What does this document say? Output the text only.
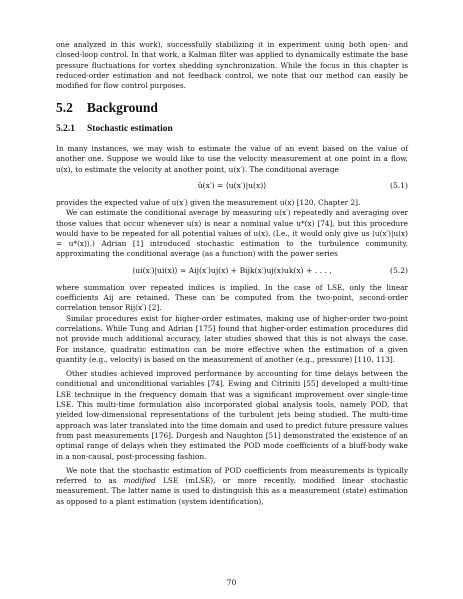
one analyzed in this work), successfully stabilizing it in experiment using both open- and closed-loop control. In that work, a Kalman filter was applied to dynamically estimate the base pressure fluctuations for vortex shedding synchronization. While the focus in this chapter is reduced-order estimation and not feedback control, we note that our method can easily be modified for flow control purposes.

5.2 Background
5.2.1 Stochastic estimation

In many instances, we may wish to estimate the value of an event based on the value of another one. Suppose we would like to use the velocity measurement at one point in a flow, u(x), to estimate the velocity at another point, u(x′). The conditional average

û(x′) = ⟨u(x′)|u(x)⟩	(5.1)

provides the expected value of u(x′) given the measurement u(x) [120, Chapter 2].

We can estimate the conditional average by measuring u(x′) repeatedly and averaging over those values that occur whenever u(x) is near a nominal value u*(x) [74], but this procedure would have to be repeated for all potential values of u(x). (I.e., it would only give us ⟨u(x′)|u(x) = u*(x)⟩.) Adrian [1] introduced stochastic estimation to the turbulence community, approximating the conditional average (as a function) with the power series

⟨ui(x′)|ui(x)⟩ ≈ Aij(x′)uj(x) + Bijk(x′)uj(x)uk(x) + . . . ,	(5.2)

where summation over repeated indices is implied. In the case of LSE, only the linear coefficients Aij are retained. These can be computed from the two-point, second-order correlation tensor Rij(x′) [2].

Similar procedures exist for higher-order estimates, making use of higher-order two-point correlations. While Tung and Adrian [175] found that higher-order estimation procedures did not provide much additional accuracy, later studies showed that this is not always the case. For instance, quadratic estimation can be more effective when the estimation of a given quantity (e.g., velocity) is based on the measurement of another (e.g., pressure) [110, 113].

Other studies achieved improved performance by accounting for time delays between the conditional and unconditional variables [74]. Ewing and Citriniti [55] developed a multi-time LSE technique in the frequency domain that was a significant improvement over single-time LSE. This multi-time formulation also incorporated global analysis tools, namely POD, that yielded low-dimensional representations of the turbulent jets being studied. The multi-time approach was later translated into the time domain and used to predict future pressure values from past measurements [176]. Durgesh and Naughton [51] demonstrated the existence of an optimal range of delays when they estimated the POD mode coefficients of a bluff-body wake in a non-causal, post-processing fashion.

We note that the stochastic estimation of POD coefficients from measurements is typically referred to as modified LSE (mLSE), or more recently, modified linear stochastic measurement. The latter name is used to distinguish this as a measurement (state) estimation as opposed to a plant estimation (system identification),

70
